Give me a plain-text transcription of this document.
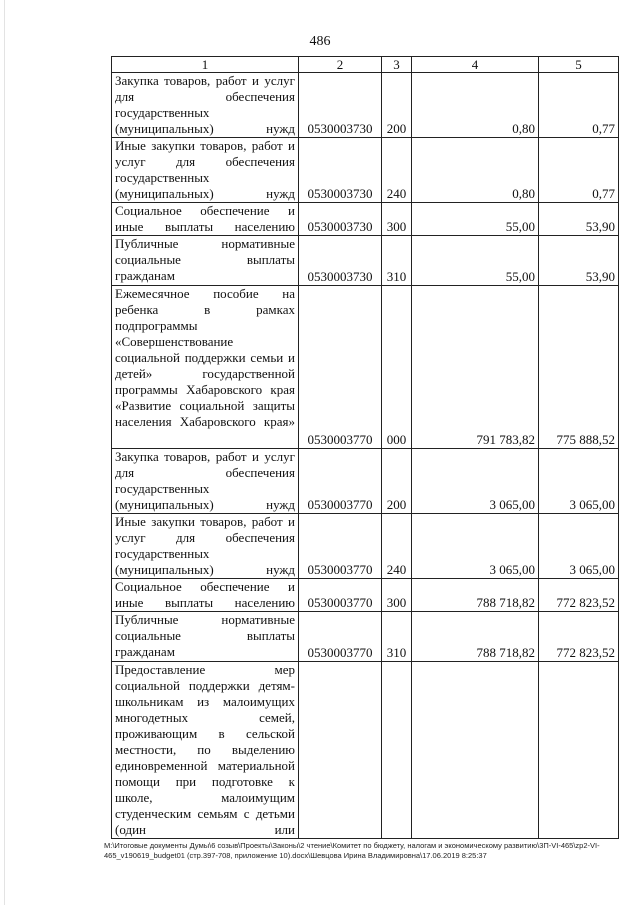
486
1	2	3	4	5
Закупка товаров, работ и услуг для обеспечения государственных (муниципальных) нужд	0530003730	200	0,80	0,77
Иные закупки товаров, работ и услуг для обеспечения государственных (муниципальных) нужд	0530003730	240	0,80	0,77
Социальное обеспечение и иные выплаты населению	0530003730	300	55,00	53,90
Публичные нормативные социальные выплаты гражданам	0530003730	310	55,00	53,90
Ежемесячное пособие на ребенка в рамках подпрограммы «Совершенствование социальной поддержки семьи и детей» государственной программы Хабаровского края «Развитие социальной защиты населения Хабаровского края»	0530003770	000	791 783,82	775 888,52
Закупка товаров, работ и услуг для обеспечения государственных (муниципальных) нужд	0530003770	200	3 065,00	3 065,00
Иные закупки товаров, работ и услуг для обеспечения государственных (муниципальных) нужд	0530003770	240	3 065,00	3 065,00
Социальное обеспечение и иные выплаты населению	0530003770	300	788 718,82	772 823,52
Публичные нормативные социальные выплаты гражданам	0530003770	310	788 718,82	772 823,52
Предоставление мер социальной поддержки детям-школьникам из малоимущих многодетных семей, проживающим в сельской местности, по выделению единовременной материальной помощи при подготовке к школе, малоимущим студенческим семьям с детьми (один или				
M:\Итоговые документы Думы\6 созыв\Проекты\Законы\2 чтение\Комитет по бюджету, налогам и экономическому развитию\3П-VI-465\zp2-VI-465_v190619_budget01 (стр.397-708, приложение 10).docx\Шевцова Ирина Владимировна\17.06.2019 8:25:37
